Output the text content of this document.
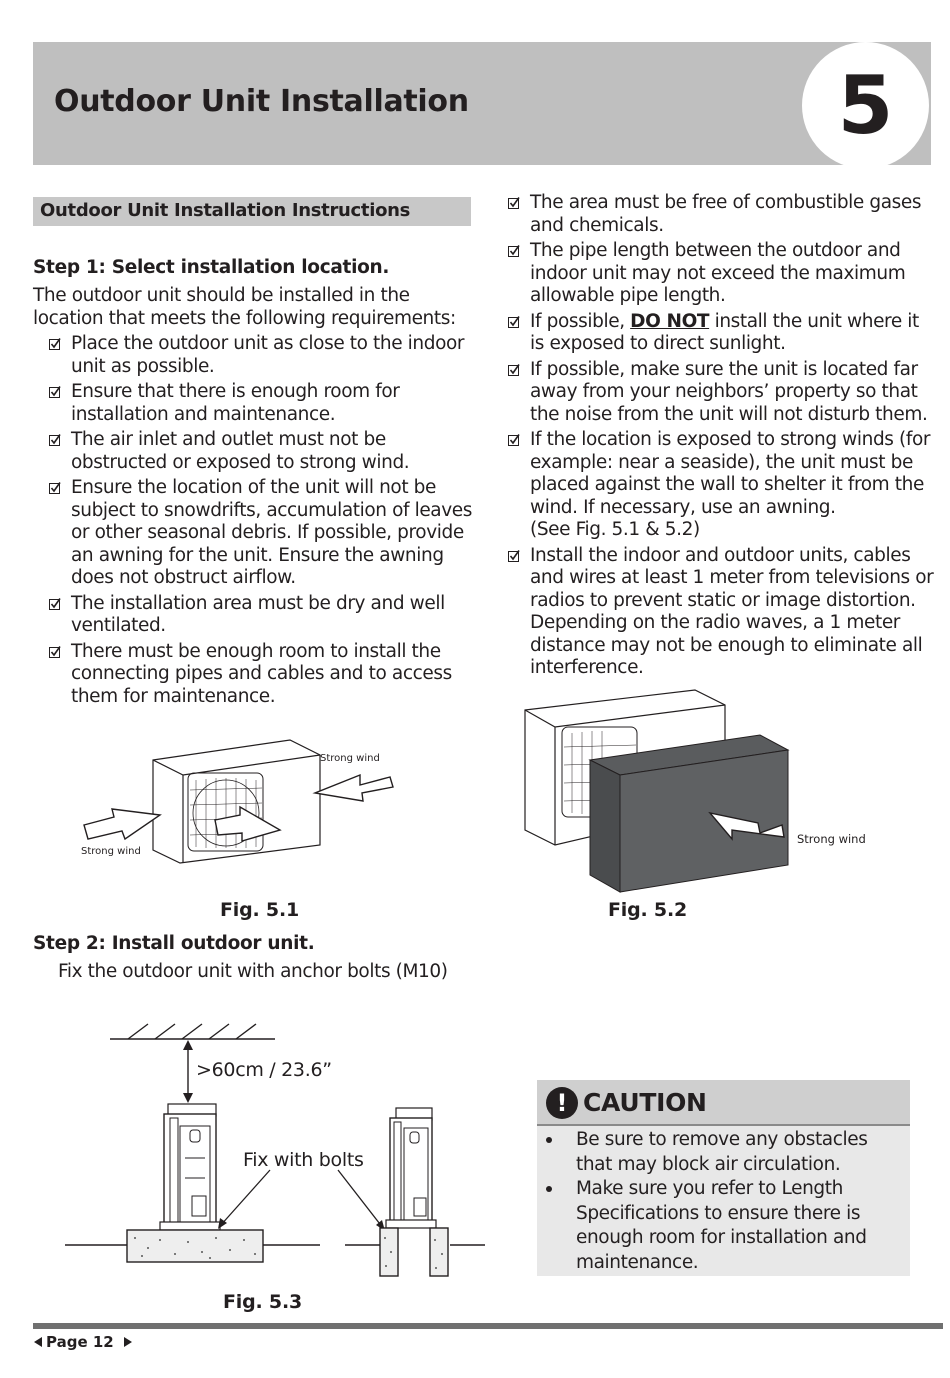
Outdoor Unit Installation	5
Outdoor Unit Installation Instructions
Step 1: Select installation location.
The outdoor unit should be installed in the
location that meets the following requirements:
Place the outdoor unit as close to the indoor unit as possible.
Ensure that there is enough room for installation and maintenance.
The air inlet and outlet must not be obstructed or exposed to strong wind.
Ensure the location of the unit will not be subject to snowdrifts, accumulation of leaves or other seasonal debris. If possible, provide an awning for the unit. Ensure the awning does not obstruct airflow.
The installation area must be dry and well ventilated.
There must be enough room to install the connecting pipes and cables and to access them for maintenance.
The area must be free of combustible gases and chemicals.
The pipe length between the outdoor and indoor unit may not exceed the maximum allowable pipe length.
If possible, DO NOT install the unit where it is exposed to direct sunlight.
If possible, make sure the unit is located far away from your neighbors’ property so that the noise from the unit will not disturb them.
If the location is exposed to strong winds (for example: near a seaside), the unit must be placed against the wall to shelter it from the wind. If necessary, use an awning.
(See Fig. 5.1 & 5.2)
Install the indoor and outdoor units, cables and wires at least 1 meter from televisions or radios to prevent static or image distortion. Depending on the radio waves, a 1 meter distance may not be enough to eliminate all interference.
Strong wind
Strong wind
Fig. 5.1
Strong wind
Fig. 5.2
Step 2: Install outdoor unit.
Fix the outdoor unit with anchor bolts (M10)
>60cm / 23.6”
Fix with bolts
Fig. 5.3
! CAUTION
Be sure to remove any obstacles that may block air circulation.
Make sure you refer to Length Specifications to ensure there is enough room for installation and maintenance.
Page 12
